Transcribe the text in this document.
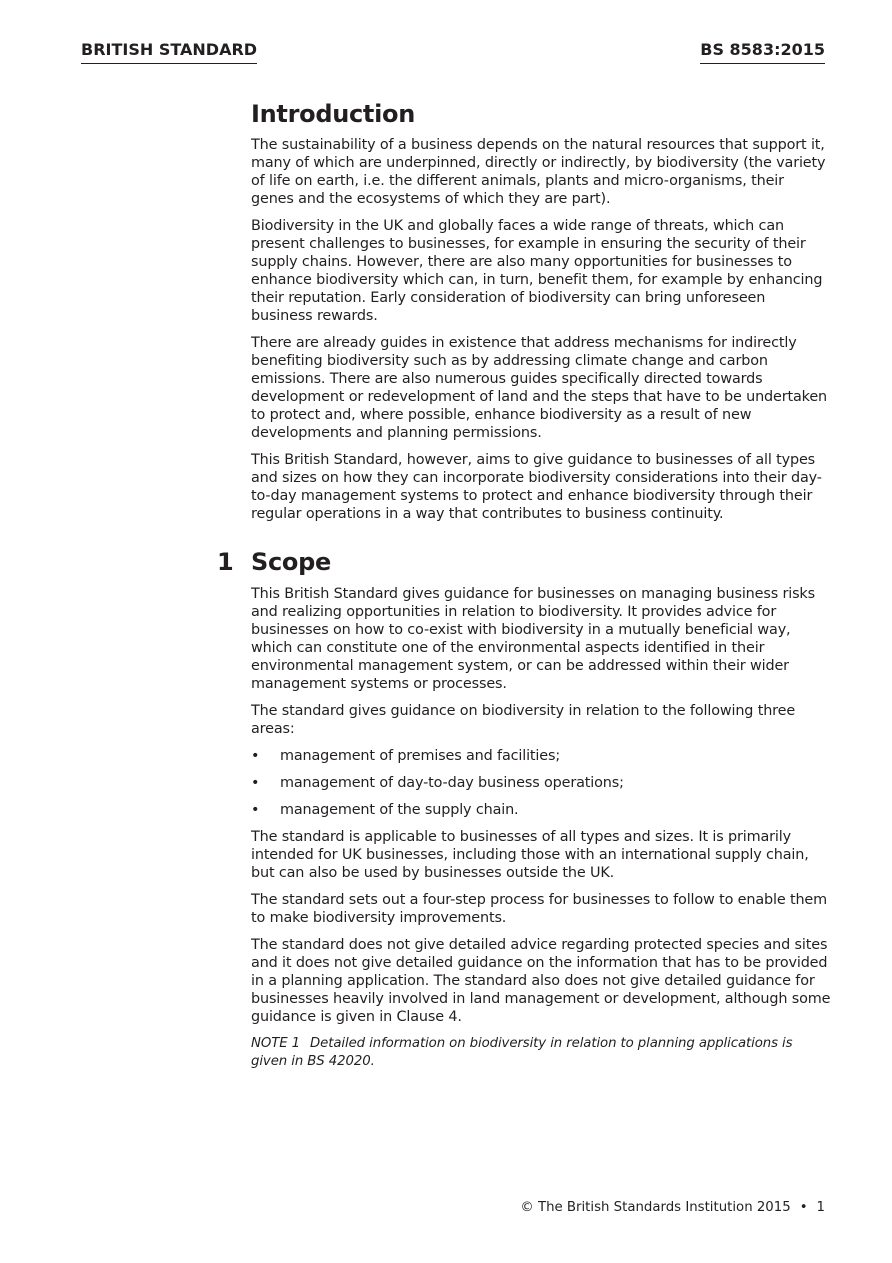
BRITISH STANDARD	BS 8583:2015
Introduction

The sustainability of a business depends on the natural resources that support it, many of which are underpinned, directly or indirectly, by biodiversity (the variety of life on earth, i.e. the different animals, plants and micro-organisms, their genes and the ecosystems of which they are part).

Biodiversity in the UK and globally faces a wide range of threats, which can present challenges to businesses, for example in ensuring the security of their supply chains. However, there are also many opportunities for businesses to enhance biodiversity which can, in turn, benefit them, for example by enhancing their reputation. Early consideration of biodiversity can bring unforeseen business rewards.

There are already guides in existence that address mechanisms for indirectly benefiting biodiversity such as by addressing climate change and carbon emissions. There are also numerous guides specifically directed towards development or redevelopment of land and the steps that have to be undertaken to protect and, where possible, enhance biodiversity as a result of new developments and planning permissions.

This British Standard, however, aims to give guidance to businesses of all types and sizes on how they can incorporate biodiversity considerations into their day-to-day management systems to protect and enhance biodiversity through their regular operations in a way that contributes to business continuity.

1 Scope

This British Standard gives guidance for businesses on managing business risks and realizing opportunities in relation to biodiversity. It provides advice for businesses on how to co-exist with biodiversity in a mutually beneficial way, which can constitute one of the environmental aspects identified in their environmental management system, or can be addressed within their wider management systems or processes.

The standard gives guidance on biodiversity in relation to the following three areas:

•	management of premises and facilities;
•	management of day-to-day business operations;
•	management of the supply chain.

The standard is applicable to businesses of all types and sizes. It is primarily intended for UK businesses, including those with an international supply chain, but can also be used by businesses outside the UK.

The standard sets out a four-step process for businesses to follow to enable them to make biodiversity improvements.

The standard does not give detailed advice regarding protected species and sites and it does not give detailed guidance on the information that has to be provided in a planning application. The standard also does not give detailed guidance for businesses heavily involved in land management or development, although some guidance is given in Clause 4.

NOTE 1 Detailed information on biodiversity in relation to planning applications is given in BS 42020.

© The British Standards Institution 2015 • 1
